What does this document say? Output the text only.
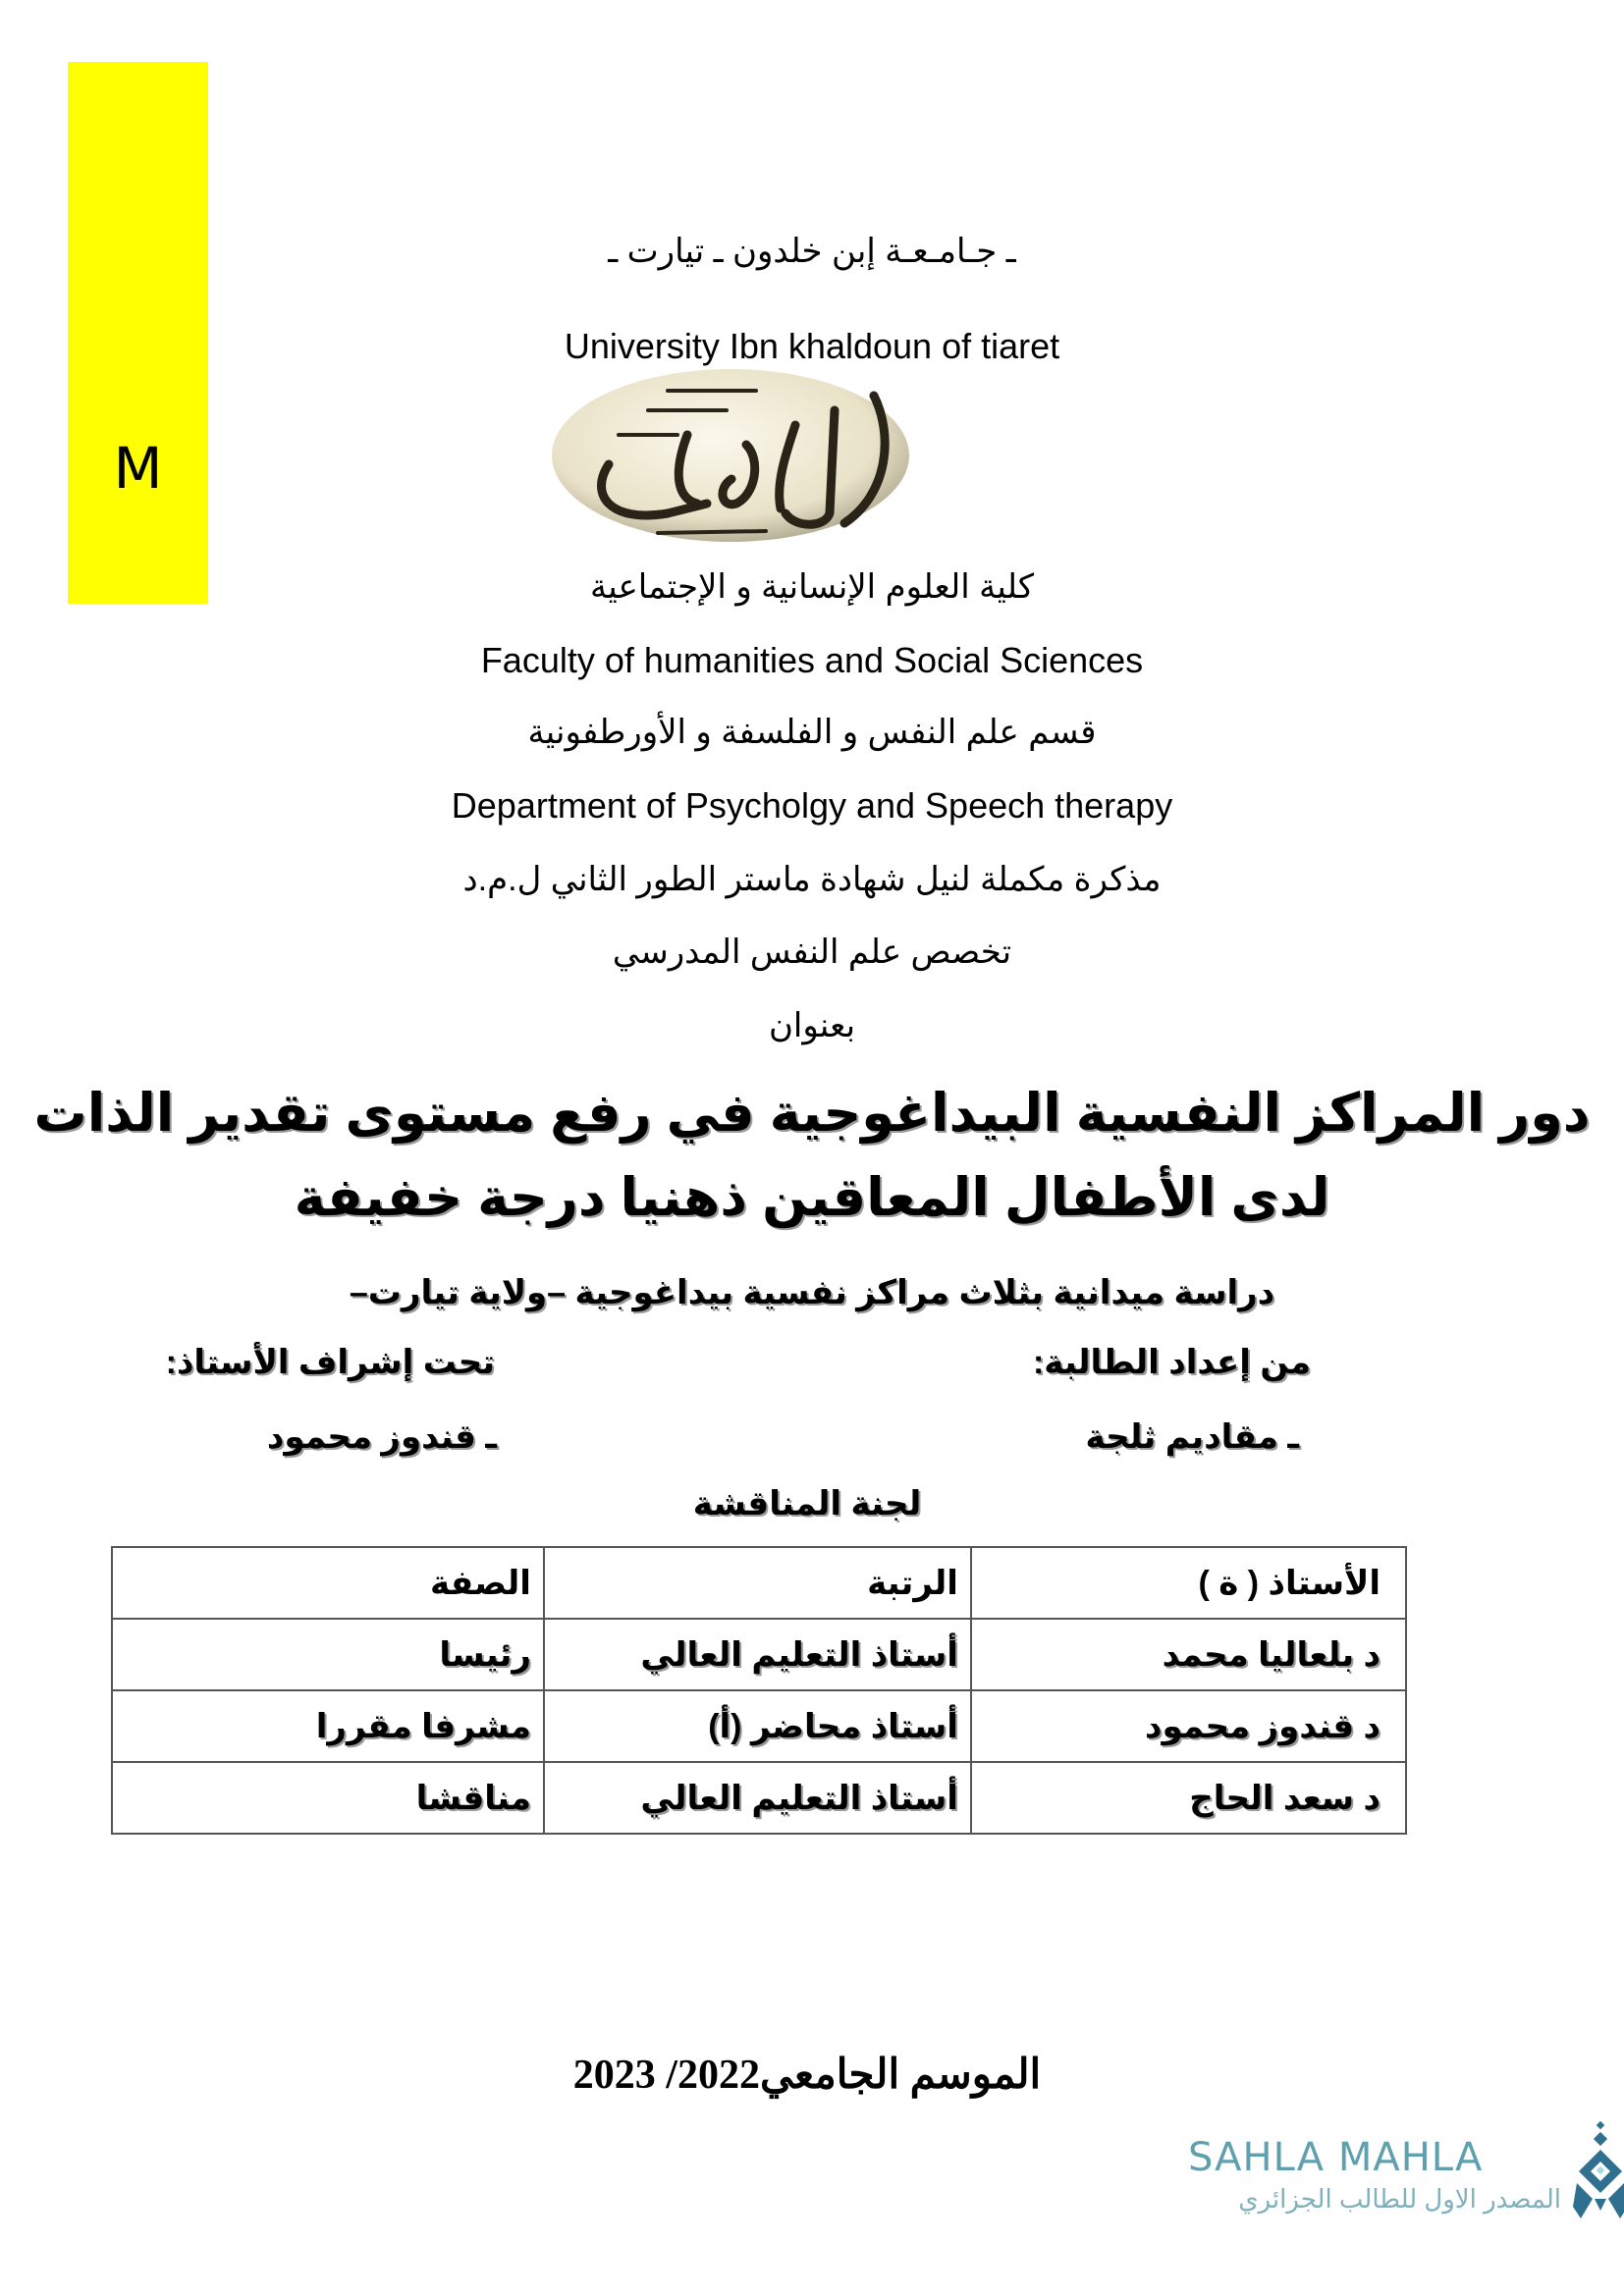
M
ـ جـامـعـة إبن خلدون ـ تيارت ـ
University Ibn khaldoun of tiaret
كلية العلوم الإنسانية و الإجتماعية
Faculty of humanities and Social Sciences
قسم علم النفس و الفلسفة و الأورطفونية
Department of Psycholgy and Speech therapy
مذكرة مكملة لنيل شهادة ماستر الطور الثاني ل.م.د
تخصص علم النفس المدرسي
بعنوان
دور المراكز النفسية البيداغوجية في رفع مستوى تقدير الذات
لدى الأطفال المعاقين ذهنيا درجة خفيفة
دراسة ميدانية بثلاث مراكز نفسية بيداغوجية –ولاية تيارت–
من إعداد الطالبة:
تحت إشراف الأستاذ:
ـ مقاديم ثلجة
ـ قندوز محمود
لجنة المناقشة
الأستاذ ( ة )	الرتبة	الصفة
د بلعاليا محمد	أستاذ التعليم العالي	رئيسا
د قندوز محمود	أستاذ محاضر (أ)	مشرفا مقررا
د سعد الحاج	أستاذ التعليم العالي	مناقشا
الموسم الجامعي2022/ 2023
SAHLA MAHLA
المصدر الاول للطالب الجزائري
